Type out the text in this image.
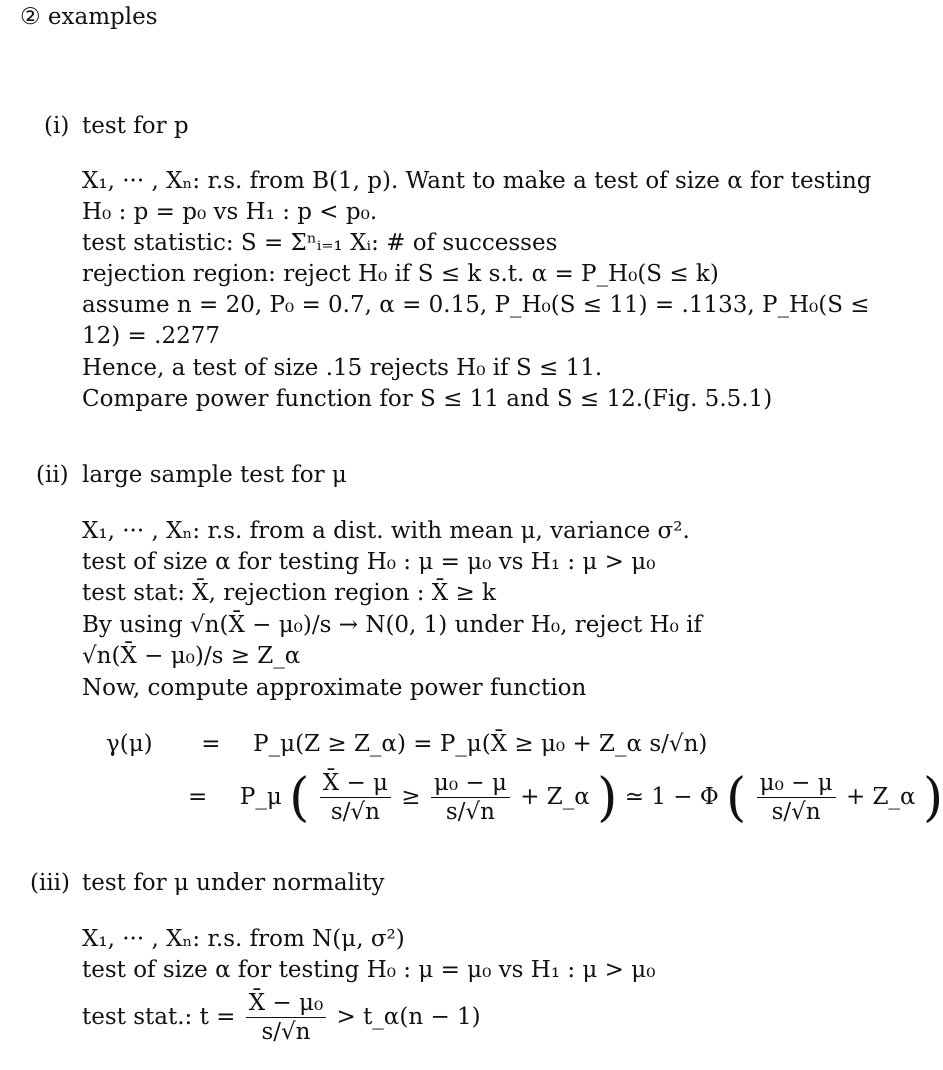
② examples
(i) test for p
X₁, ··· , Xₙ: r.s. from B(1, p). Want to make a test of size α for testing
H₀ : p = p₀ vs H₁ : p < p₀.
test statistic: S = Σⁿᵢ₌₁ Xᵢ: # of successes
rejection region: reject H₀ if S ≤ k s.t. α = P_H₀(S ≤ k)
assume n = 20, P₀ = 0.7, α = 0.15, P_H₀(S ≤ 11) = .1133, P_H₀(S ≤
12) = .2277
Hence, a test of size .15 rejects H₀ if S ≤ 11.
Compare power function for S ≤ 11 and S ≤ 12.(Fig. 5.5.1)
(ii) large sample test for μ
X₁, ··· , Xₙ: r.s. from a dist. with mean μ, variance σ².
test of size α for testing H₀ : μ = μ₀ vs H₁ : μ > μ₀
test stat: X̄, rejection region : X̄ ≥ k
By using √n(X̄ − μ₀)/s → N(0, 1) under H₀, reject H₀ if
√n(X̄ − μ₀)/s ≥ Z_α
Now, compute approximate power function
γ(μ) = P_μ(Z ≥ Z_α) = P_μ(X̄ ≥ μ₀ + Z_α s/√n)
= P_μ ( $\frac{X̄ - \mu}{s/√n} \ge \frac{\text{μ₀ − μ}}{s/√n}$ + Z_α ) ≃ 1 − Φ ( $\frac{\text{μ₀ − μ}}{s/√n}$ + Z_α )
(iii) test for μ under normality
X₁, ··· , Xₙ: r.s. from N(μ, σ²)
test of size α for testing H₀ : μ = μ₀ vs H₁ : μ > μ₀
test stat.: $t = \frac{\text{X̄ − μ₀}}{s/√n}$ > t_α(n − 1)
